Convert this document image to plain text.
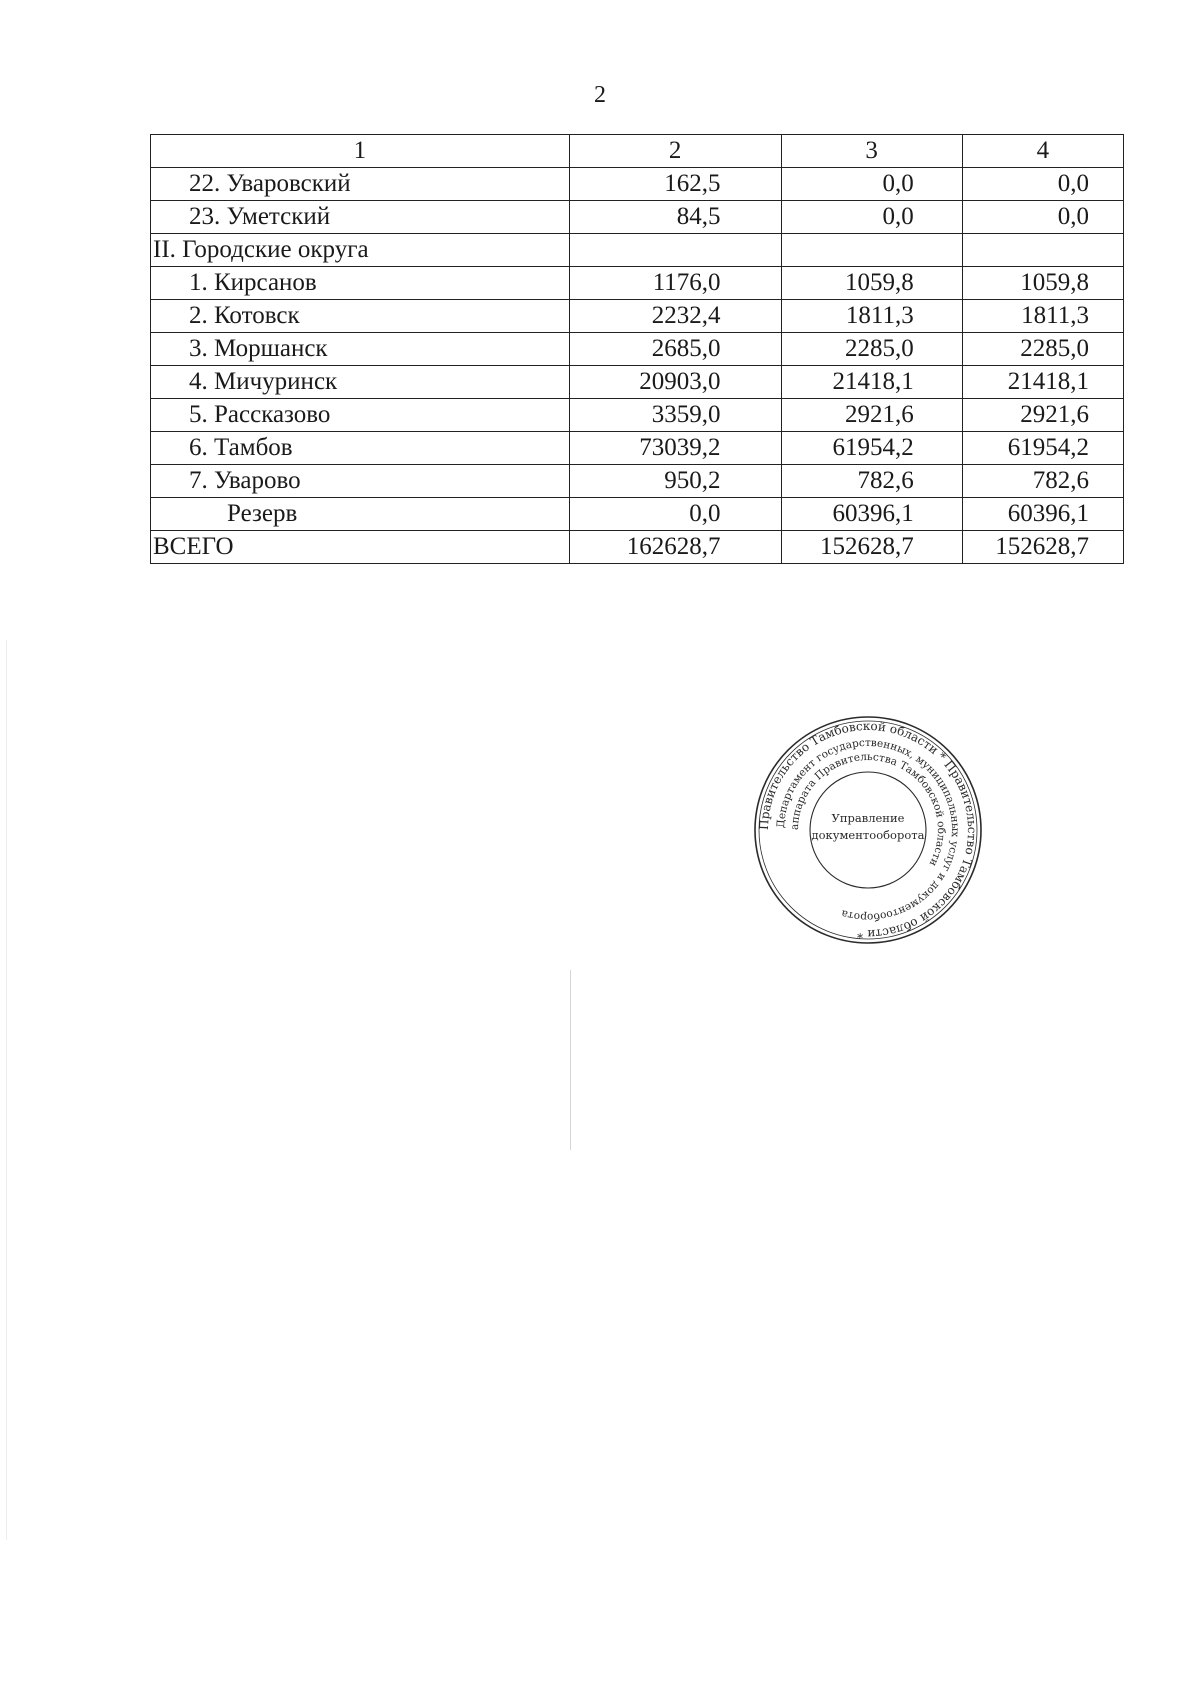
2
1	2	3	4
22. Уваровский	162,5	0,0	0,0
23. Уметский	84,5	0,0	0,0
II. Городские округа			
1. Кирсанов	1176,0	1059,8	1059,8
2. Котовск	2232,4	1811,3	1811,3
3. Моршанск	2685,0	2285,0	2285,0
4. Мичуринск	20903,0	21418,1	21418,1
5. Рассказово	3359,0	2921,6	2921,6
6. Тамбов	73039,2	61954,2	61954,2
7. Уварово	950,2	782,6	782,6
Резерв	0,0	60396,1	60396,1
ВСЕГО	162628,7	152628,7	152628,7
Правительство Тамбовской области * Правительство Тамбовской области *
Департамент государственных, муниципальных услуг и документооборота
аппарата Правительства Тамбовской области
Управление
документооборота
